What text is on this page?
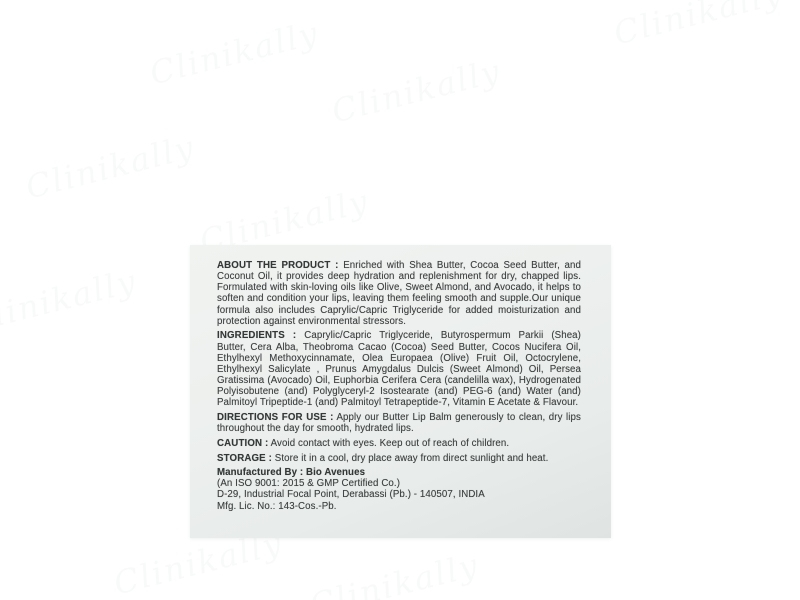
ABOUT THE PRODUCT : Enriched with Shea Butter, Cocoa Seed Butter, and Coconut Oil, it provides deep hydration and replenishment for dry, chapped lips. Formulated with skin-loving oils like Olive, Sweet Almond, and Avocado, it helps to soften and condition your lips, leaving them feeling smooth and supple.Our unique formula also includes Caprylic/Capric Triglyceride for added moisturization and protection against environmental stressors.

INGREDIENTS : Caprylic/Capric Triglyceride, Butyrospermum Parkii (Shea) Butter, Cera Alba, Theobroma Cacao (Cocoa) Seed Butter, Cocos Nucifera Oil, Ethylhexyl Methoxycinnamate, Olea Europaea (Olive) Fruit Oil, Octocrylene, Ethylhexyl Salicylate , Prunus Amygdalus Dulcis (Sweet Almond) Oil, Persea Gratissima (Avocado) Oil, Euphorbia Cerifera Cera (candelilla wax), Hydrogenated Polyisobutene (and) Polyglyceryl-2 Isostearate (and) PEG-6 (and) Water (and) Palmitoyl Tripeptide-1 (and) Palmitoyl Tetrapeptide-7, Vitamin E Acetate & Flavour.

DIRECTIONS FOR USE : Apply our Butter Lip Balm generously to clean, dry lips throughout the day for smooth, hydrated lips.

CAUTION : Avoid contact with eyes. Keep out of reach of children.

STORAGE : Store it in a cool, dry place away from direct sunlight and heat.

Manufactured By : Bio Avenues
(An ISO 9001: 2015 & GMP Certified Co.)
D-29, Industrial Focal Point, Derabassi (Pb.) - 140507, INDIA
Mfg. Lic. No.: 143-Cos.-Pb.
